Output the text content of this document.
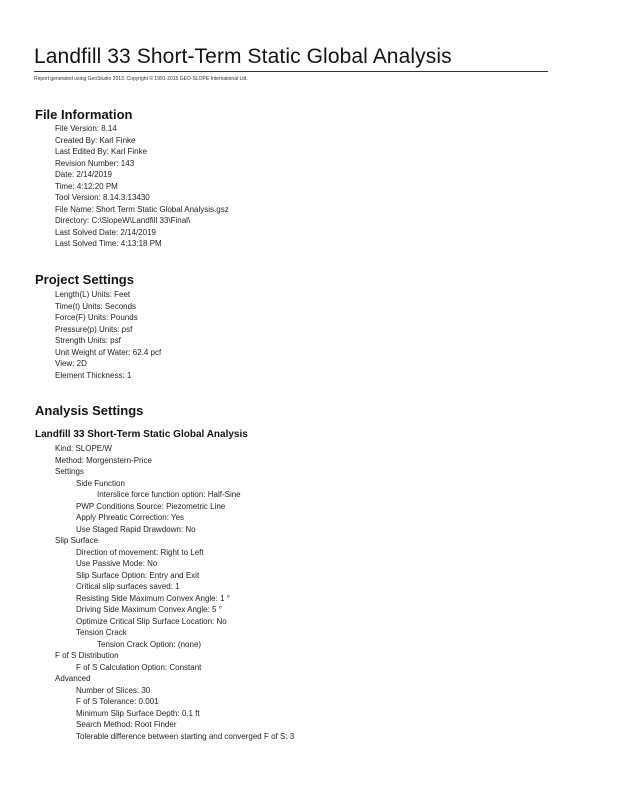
Landfill 33 Short-Term Static Global Analysis
Report generated using GeoStudio 2013. Copyright © 1991-2015 GEO-SLOPE International Ltd.
File Information
File Version: 8.14
Created By: Karl Finke
Last Edited By: Karl Finke
Revision Number: 143
Date: 2/14/2019
Time: 4:12:20 PM
Tool Version: 8.14.3.13430
File Name: Short Term Static Global Analysis.gsz
Directory: C:\SlopeW\Landfill 33\Final\
Last Solved Date: 2/14/2019
Last Solved Time: 4:13:18 PM
Project Settings
Length(L) Units: Feet
Time(t) Units: Seconds
Force(F) Units: Pounds
Pressure(p) Units: psf
Strength Units: psf
Unit Weight of Water: 62.4 pcf
View: 2D
Element Thickness: 1
Analysis Settings
Landfill 33 Short-Term Static Global Analysis
Kind: SLOPE/W
Method: Morgenstern-Price
Settings
Side Function
Interslice force function option: Half-Sine
PWP Conditions Source: Piezometric Line
Apply Phreatic Correction: Yes
Use Staged Rapid Drawdown: No
Slip Surface
Direction of movement: Right to Left
Use Passive Mode: No
Slip Surface Option: Entry and Exit
Critical slip surfaces saved: 1
Resisting Side Maximum Convex Angle: 1 °
Driving Side Maximum Convex Angle: 5 °
Optimize Critical Slip Surface Location: No
Tension Crack
Tension Crack Option: (none)
F of S Distribution
F of S Calculation Option: Constant
Advanced
Number of Slices: 30
F of S Tolerance: 0.001
Minimum Slip Surface Depth: 0.1 ft
Search Method: Root Finder
Tolerable difference between starting and converged F of S: 3
